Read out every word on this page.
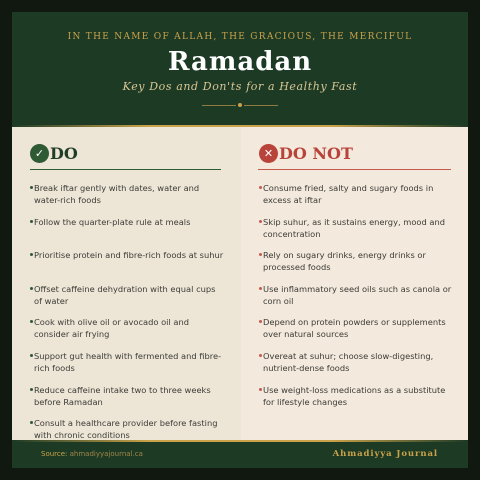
IN THE NAME OF ALLAH, THE GRACIOUS, THE MERCIFUL
Ramadan
Key Dos and Don'ts for a Healthy Fast
✓ DO
Break iftar gently with dates, water and water-rich foods
Follow the quarter-plate rule at meals
Prioritise protein and fibre-rich foods at suhur
Offset caffeine dehydration with equal cups of water
Cook with olive oil or avocado oil and consider air frying
Support gut health with fermented and fibre-rich foods
Reduce caffeine intake two to three weeks before Ramadan
Consult a healthcare provider before fasting with chronic conditions
✕ DO NOT
Consume fried, salty and sugary foods in excess at iftar
Skip suhur, as it sustains energy, mood and concentration
Rely on sugary drinks, energy drinks or processed foods
Use inflammatory seed oils such as canola or corn oil
Depend on protein powders or supplements over natural sources
Overeat at suhur; choose slow-digesting, nutrient-dense foods
Use weight-loss medications as a substitute for lifestyle changes
Source: ahmadiyyajournal.ca	Ahmadiyya Journal
